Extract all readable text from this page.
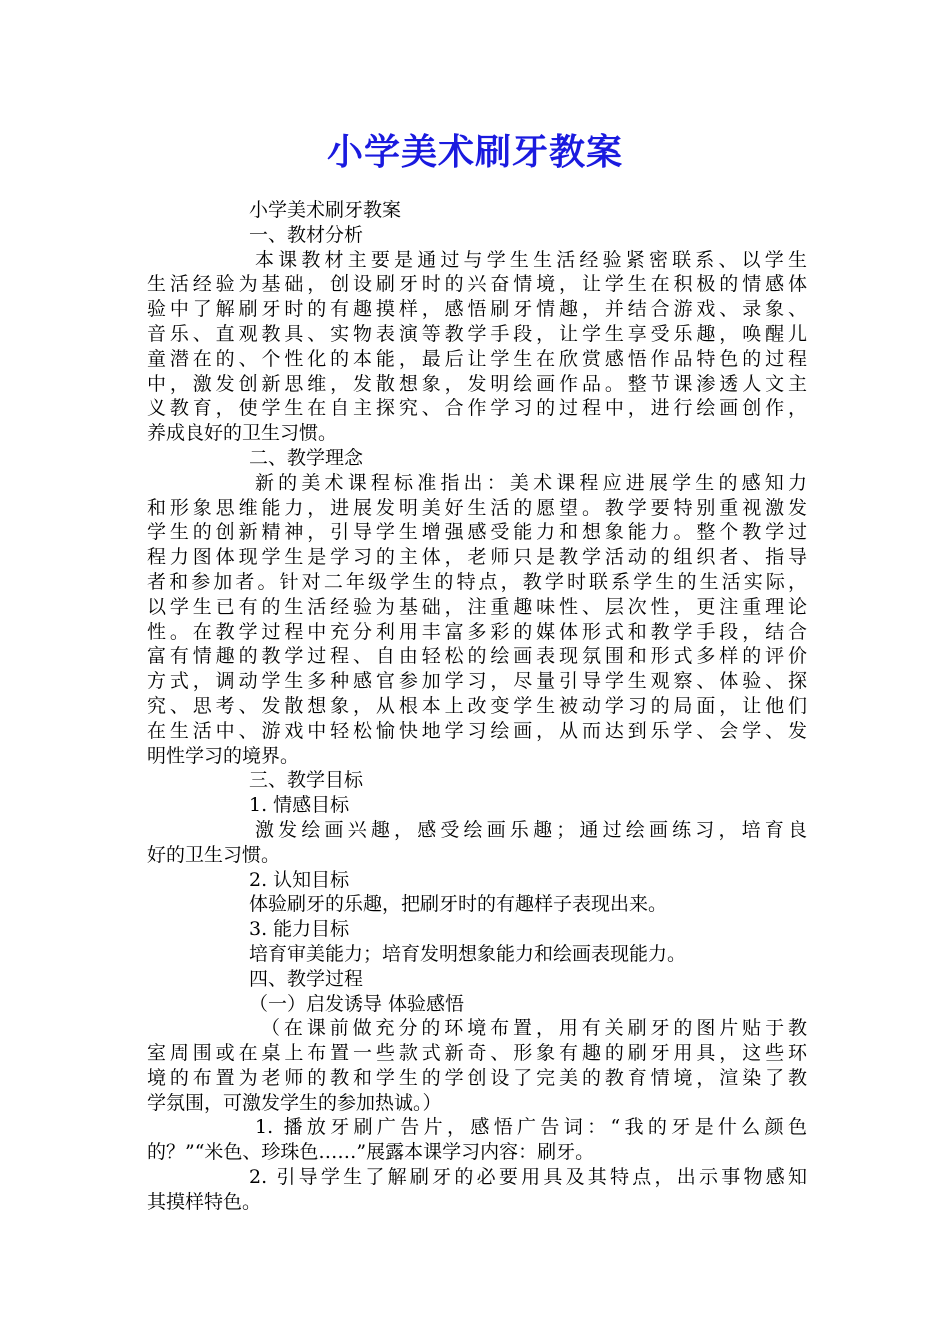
小学美术刷牙教案
小学美术刷牙教案
一、教材分析
本课教材主要是通过与学生生活经验紧密联系、以学生
生活经验为基础，创设刷牙时的兴奋情境，让学生在积极的情感体
验中了解刷牙时的有趣摸样，感悟刷牙情趣，并结合游戏、录象、
音乐、直观教具、实物表演等教学手段，让学生享受乐趣，唤醒儿
童潜在的、个性化的本能，最后让学生在欣赏感悟作品特色的过程
中，激发创新思维，发散想象，发明绘画作品。整节课渗透人文主
义教育，使学生在自主探究、合作学习的过程中，进行绘画创作，
养成良好的卫生习惯。
二、教学理念
新的美术课程标准指出：美术课程应进展学生的感知力
和形象思维能力，进展发明美好生活的愿望。教学要特别重视激发
学生的创新精神，引导学生增强感受能力和想象能力。整个教学过
程力图体现学生是学习的主体，老师只是教学活动的组织者、指导
者和参加者。针对二年级学生的特点，教学时联系学生的生活实际，
以学生已有的生活经验为基础，注重趣味性、层次性，更注重理论
性。在教学过程中充分利用丰富多彩的媒体形式和教学手段，结合
富有情趣的教学过程、自由轻松的绘画表现氛围和形式多样的评价
方式，调动学生多种感官参加学习，尽量引导学生观察、体验、探
究、思考、发散想象，从根本上改变学生被动学习的局面，让他们
在生活中、游戏中轻松愉快地学习绘画，从而达到乐学、会学、发
明性学习的境界。
三、教学目标
1. 情感目标
激发绘画兴趣，感受绘画乐趣；通过绘画练习，培育良
好的卫生习惯。
2. 认知目标
体验刷牙的乐趣，把刷牙时的有趣样子表现出来。
3. 能力目标
培育审美能力；培育发明想象能力和绘画表现能力。
四、教学过程
（一）启发诱导 体验感悟
（在课前做充分的环境布置，用有关刷牙的图片贴于教
室周围或在桌上布置一些款式新奇、形象有趣的刷牙用具，这些环
境的布置为老师的教和学生的学创设了完美的教育情境，渲染了教
学氛围，可激发学生的参加热诚。）
1. 播放牙刷广告片，感悟广告词：“我的牙是什么颜色
的？”“米色、珍珠色……”展露本课学习内容：刷牙。
2. 引导学生了解刷牙的必要用具及其特点，出示事物感知
其摸样特色。
